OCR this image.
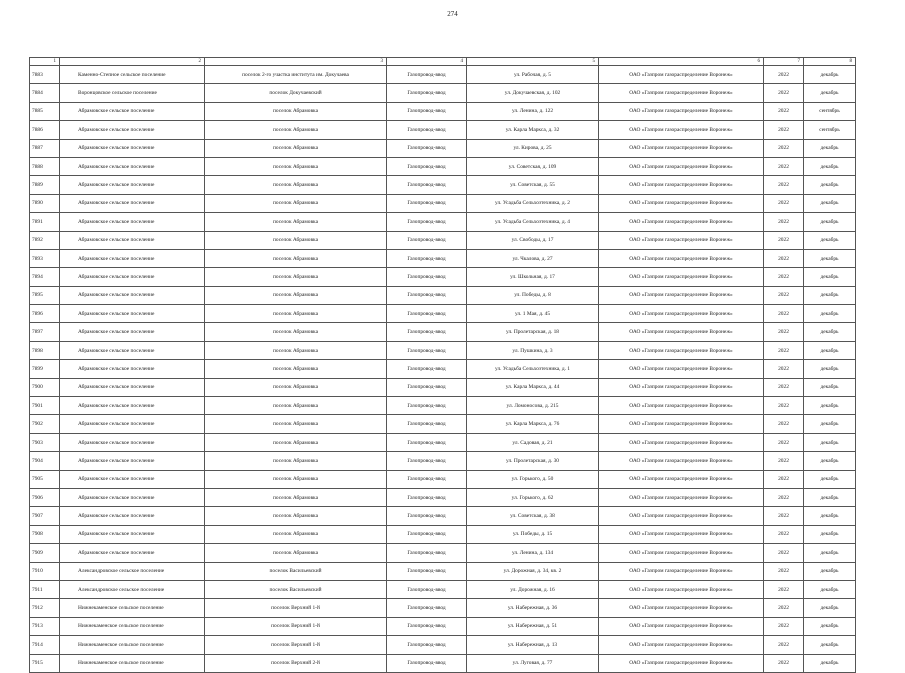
274
1	2	3	4	5	6	7	8
7883	Каменно-Степное сельское поселение	поселок 2-го участка института им. Докучаева	Газопровод-ввод	ул. Рабочая, д. 5	ОАО «Газпром газораспределение Воронеж»	2022	декабрь
7884	Воронцовское сельское поселение	поселок Докучаевский	Газопровод-ввод	ул. Докучаевская, д. 102	ОАО «Газпром газораспределение Воронеж»	2022	декабрь
7885	Абрамовское сельское поселение	поселок Абрамовка	Газопровод-ввод	ул. Ленина, д. 122	ОАО «Газпром газораспределение Воронеж»	2022	сентябрь
7886	Абрамовское сельское поселение	поселок Абрамовка	Газопровод-ввод	ул. Карла Маркса, д. 32	ОАО «Газпром газораспределение Воронеж»	2022	сентябрь
7887	Абрамовское сельское поселение	поселок Абрамовка	Газопровод-ввод	ул. Кирова, д. 25	ОАО «Газпром газораспределение Воронеж»	2022	декабрь
7888	Абрамовское сельское поселение	поселок Абрамовка	Газопровод-ввод	ул. Советская, д. 109	ОАО «Газпром газораспределение Воронеж»	2022	декабрь
7889	Абрамовское сельское поселение	поселок Абрамовка	Газопровод-ввод	ул. Советская, д. 55	ОАО «Газпром газораспределение Воронеж»	2022	декабрь
7890	Абрамовское сельское поселение	поселок Абрамовка	Газопровод-ввод	ул. Усадьба Сельхозтехника, д. 2	ОАО «Газпром газораспределение Воронеж»	2022	декабрь
7891	Абрамовское сельское поселение	поселок Абрамовка	Газопровод-ввод	ул. Усадьба Сельхозтехника, д. 4	ОАО «Газпром газораспределение Воронеж»	2022	декабрь
7892	Абрамовское сельское поселение	поселок Абрамовка	Газопровод-ввод	ул. Свободы, д. 17	ОАО «Газпром газораспределение Воронеж»	2022	декабрь
7893	Абрамовское сельское поселение	поселок Абрамовка	Газопровод-ввод	ул. Чкалова, д. 27	ОАО «Газпром газораспределение Воронеж»	2022	декабрь
7894	Абрамовское сельское поселение	поселок Абрамовка	Газопровод-ввод	ул. Школьная, д. 17	ОАО «Газпром газораспределение Воронеж»	2022	декабрь
7895	Абрамовское сельское поселение	поселок Абрамовка	Газопровод-ввод	ул. Победы, д. 8	ОАО «Газпром газораспределение Воронеж»	2022	декабрь
7896	Абрамовское сельское поселение	поселок Абрамовка	Газопровод-ввод	ул. 1 Мая, д. 45	ОАО «Газпром газораспределение Воронеж»	2022	декабрь
7897	Абрамовское сельское поселение	поселок Абрамовка	Газопровод-ввод	ул. Пролетарская, д. 18	ОАО «Газпром газораспределение Воронеж»	2022	декабрь
7898	Абрамовское сельское поселение	поселок Абрамовка	Газопровод-ввод	ул. Пушкина, д. 3	ОАО «Газпром газораспределение Воронеж»	2022	декабрь
7899	Абрамовское сельское поселение	поселок Абрамовка	Газопровод-ввод	ул. Усадьба Сельхозтехника, д. 1	ОАО «Газпром газораспределение Воронеж»	2022	декабрь
7900	Абрамовское сельское поселение	поселок Абрамовка	Газопровод-ввод	ул. Карла Маркса, д. 44	ОАО «Газпром газораспределение Воронеж»	2022	декабрь
7901	Абрамовское сельское поселение	поселок Абрамовка	Газопровод-ввод	ул. Ломоносова, д. 215	ОАО «Газпром газораспределение Воронеж»	2022	декабрь
7902	Абрамовское сельское поселение	поселок Абрамовка	Газопровод-ввод	ул. Карла Маркса, д. 76	ОАО «Газпром газораспределение Воронеж»	2022	декабрь
7903	Абрамовское сельское поселение	поселок Абрамовка	Газопровод-ввод	ул. Садовая, д. 21	ОАО «Газпром газораспределение Воронеж»	2022	декабрь
7904	Абрамовское сельское поселение	поселок Абрамовка	Газопровод-ввод	ул. Пролетарская, д. 30	ОАО «Газпром газораспределение Воронеж»	2022	декабрь
7905	Абрамовское сельское поселение	поселок Абрамовка	Газопровод-ввод	ул. Горького, д. 50	ОАО «Газпром газораспределение Воронеж»	2022	декабрь
7906	Абрамовское сельское поселение	поселок Абрамовка	Газопровод-ввод	ул. Горького, д. 62	ОАО «Газпром газораспределение Воронеж»	2022	декабрь
7907	Абрамовское сельское поселение	поселок Абрамовка	Газопровод-ввод	ул. Советская, д. 38	ОАО «Газпром газораспределение Воронеж»	2022	декабрь
7908	Абрамовское сельское поселение	поселок Абрамовка	Газопровод-ввод	ул. Победы, д. 15	ОАО «Газпром газораспределение Воронеж»	2022	декабрь
7909	Абрамовское сельское поселение	поселок Абрамовка	Газопровод-ввод	ул. Ленина, д. 134	ОАО «Газпром газораспределение Воронеж»	2022	декабрь
7910	Александровское сельское поселение	поселок Васильевский	Газопровод-ввод	ул. Дорожная, д. 34, кв. 2	ОАО «Газпром газораспределение Воронеж»	2022	декабрь
7911	Александровское сельское поселение	поселок Васильевский	Газопровод-ввод	ул. Дорожная, д. 16	ОАО «Газпром газораспределение Воронеж»	2022	декабрь
7912	Нижнекаменское сельское поселение	поселок Верхний 1-й	Газопровод-ввод	ул. Набережная, д. 36	ОАО «Газпром газораспределение Воронеж»	2022	декабрь
7913	Нижнекаменское сельское поселение	поселок Верхний 1-й	Газопровод-ввод	ул. Набережная, д. 51	ОАО «Газпром газораспределение Воронеж»	2022	декабрь
7914	Нижнекаменское сельское поселение	поселок Верхний 1-й	Газопровод-ввод	ул. Набережная, д. 13	ОАО «Газпром газораспределение Воронеж»	2022	декабрь
7915	Нижнекаменское сельское поселение	поселок Верхний 2-й	Газопровод-ввод	ул. Луговая, д. 77	ОАО «Газпром газораспределение Воронеж»	2022	декабрь
